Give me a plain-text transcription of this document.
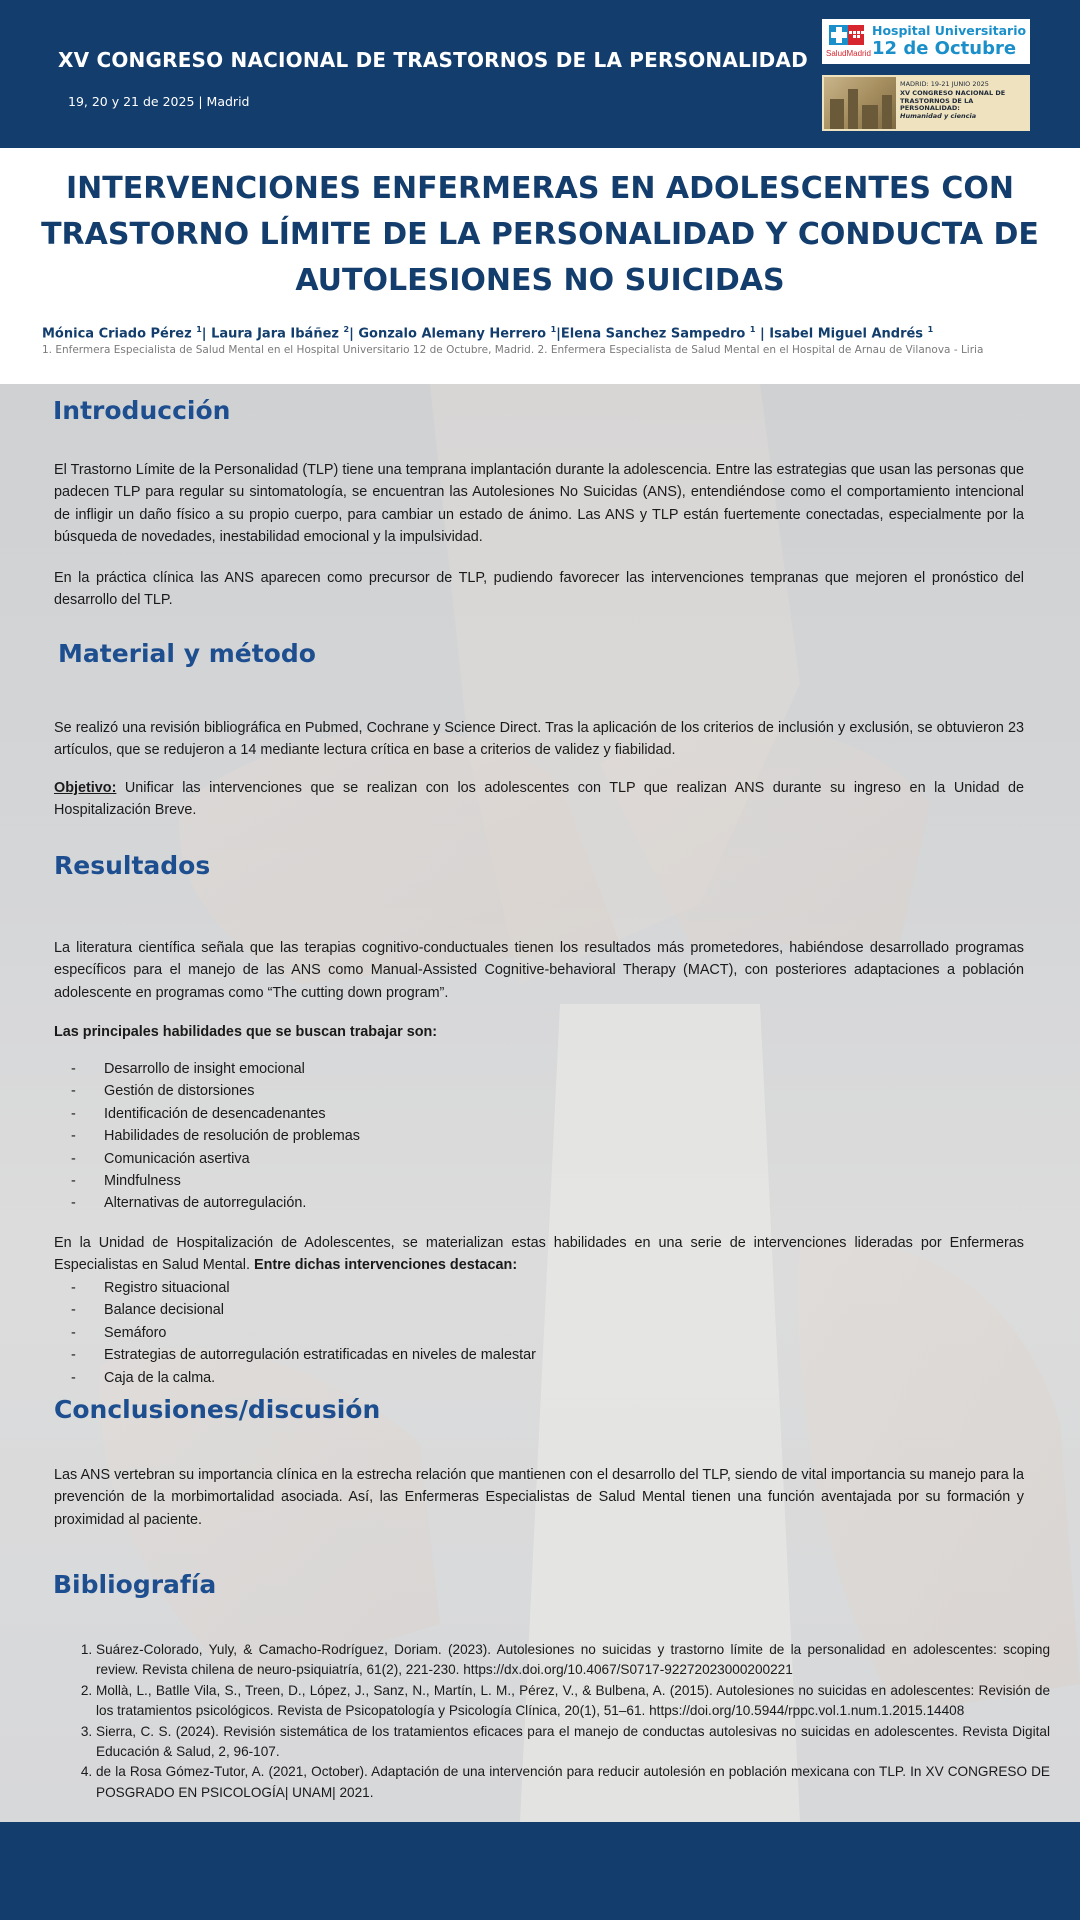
XV CONGRESO NACIONAL DE TRASTORNOS DE LA PERSONALIDAD
19, 20 y 21 de 2025 | Madrid
SaludMadrid
Hospital Universitario
12 de Octubre
MADRID: 19-21 JUNIO 2025
XV CONGRESO NACIONAL DE TRASTORNOS DE LA PERSONALIDAD:
Humanidad y ciencia
INTERVENCIONES ENFERMERAS EN ADOLESCENTES CON TRASTORNO LÍMITE DE LA PERSONALIDAD Y CONDUCTA DE AUTOLESIONES NO SUICIDAS
Mónica Criado Pérez $^1$| Laura Jara Ibáñez $^2$| Gonzalo Alemany Herrero $^1$|Elena Sanchez Sampedro $^1$ | Isabel Miguel Andrés $^1$
1. Enfermera Especialista de Salud Mental en el Hospital Universitario 12 de Octubre, Madrid. 2. Enfermera Especialista de Salud Mental en el Hospital de Arnau de Vilanova - Liria
Introducción

El Trastorno Límite de la Personalidad (TLP) tiene una temprana implantación durante la adolescencia. Entre las estrategias que usan las personas que padecen TLP para regular su sintomatología, se encuentran las Autolesiones No Suicidas (ANS), entendiéndose como el comportamiento intencional de infligir un daño físico a su propio cuerpo, para cambiar un estado de ánimo. Las ANS y TLP están fuertemente conectadas, especialmente por la búsqueda de novedades, inestabilidad emocional y la impulsividad.

En la práctica clínica las ANS aparecen como precursor de TLP, pudiendo favorecer las intervenciones tempranas que mejoren el pronóstico del desarrollo del TLP.

Material y método

Se realizó una revisión bibliográfica en Pubmed, Cochrane y Science Direct. Tras la aplicación de los criterios de inclusión y exclusión, se obtuvieron 23 artículos, que se redujeron a 14 mediante lectura crítica en base a criterios de validez y fiabilidad.

Objetivo: Unificar las intervenciones que se realizan con los adolescentes con TLP que realizan ANS durante su ingreso en la Unidad de Hospitalización Breve.

Resultados

La literatura científica señala que las terapias cognitivo-conductuales tienen los resultados más prometedores, habiéndose desarrollado programas específicos para el manejo de las ANS como Manual-Assisted Cognitive-behavioral Therapy (MACT), con posteriores adaptaciones a población adolescente en programas como “The cutting down program”.

Las principales habilidades que se buscan trabajar son:

- Desarrollo de insight emocional
- Gestión de distorsiones
- Identificación de desencadenantes
- Habilidades de resolución de problemas
- Comunicación asertiva
- Mindfulness
- Alternativas de autorregulación.

En la Unidad de Hospitalización de Adolescentes, se materializan estas habilidades en una serie de intervenciones lideradas por Enfermeras Especialistas en Salud Mental. Entre dichas intervenciones destacan:

- Registro situacional
- Balance decisional
- Semáforo
- Estrategias de autorregulación estratificadas en niveles de malestar
- Caja de la calma.
Conclusiones/discusión

Las ANS vertebran su importancia clínica en la estrecha relación que mantienen con el desarrollo del TLP, siendo de vital importancia su manejo para la prevención de la morbimortalidad asociada. Así, las Enfermeras Especialistas de Salud Mental tienen una función aventajada por su formación y proximidad al paciente.

Bibliografía
1. Suárez-Colorado, Yuly, & Camacho-Rodríguez, Doriam. (2023). Autolesiones no suicidas y trastorno límite de la personalidad en adolescentes: scoping review. Revista chilena de neuro-psiquiatría, 61(2), 221-230. https://dx.doi.org/10.4067/S0717-92272023000200221
2. Mollà, L., Batlle Vila, S., Treen, D., López, J., Sanz, N., Martín, L. M., Pérez, V., & Bulbena, A. (2015). Autolesiones no suicidas en adolescentes: Revisión de los tratamientos psicológicos. Revista de Psicopatología y Psicología Clínica, 20(1), 51–61. https://doi.org/10.5944/rppc.vol.1.num.1.2015.14408
3. Sierra, C. S. (2024). Revisión sistemática de los tratamientos eficaces para el manejo de conductas autolesivas no suicidas en adolescentes. Revista Digital Educación & Salud, 2, 96-107.
4. de la Rosa Gómez-Tutor, A. (2021, October). Adaptación de una intervención para reducir autolesión en población mexicana con TLP. In XV CONGRESO DE POSGRADO EN PSICOLOGÍA| UNAM| 2021.
